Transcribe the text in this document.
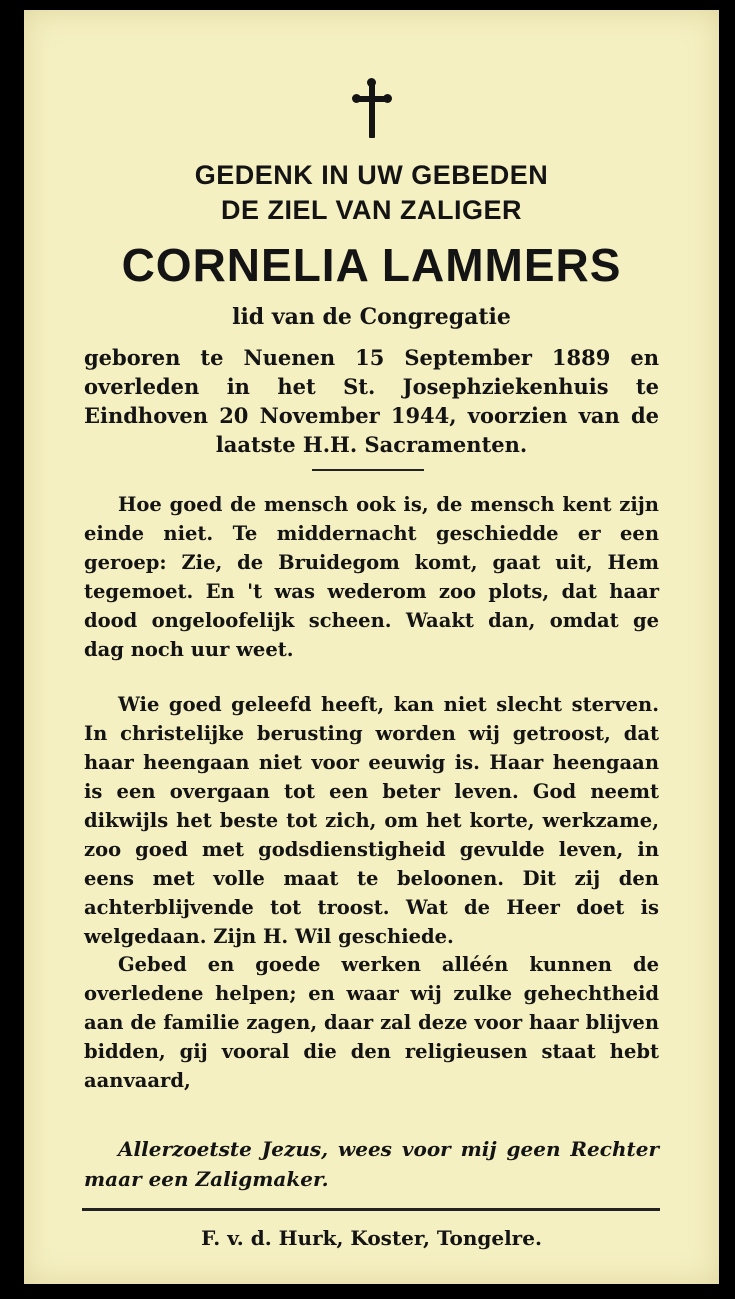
GEDENK IN UW GEBEDEN
DE ZIEL VAN ZALIGER
CORNELIA LAMMERS
lid van de Congregatie
geboren te Nuenen 15 September 1889 en overleden in het St. Josephziekenhuis te Eindhoven 20 November 1944, voorzien van de laatste H.H. Sacramenten.
Hoe goed de mensch ook is, de mensch kent zijn einde niet. Te middernacht geschiedde er een geroep: Zie, de Bruidegom komt, gaat uit, Hem tegemoet. En 't was wederom zoo plots, dat haar dood ongeloofelijk scheen. Waakt dan, omdat ge dag noch uur weet.
Wie goed geleefd heeft, kan niet slecht sterven. In christelijke berusting worden wij getroost, dat haar heengaan niet voor eeuwig is. Haar heengaan is een overgaan tot een beter leven. God neemt dikwijls het beste tot zich, om het korte, werkzame, zoo goed met godsdienstigheid gevulde leven, in eens met volle maat te beloonen. Dit zij den achterblijvende tot troost. Wat de Heer doet is welgedaan. Zijn H. Wil geschiede.
Gebed en goede werken alléén kunnen de overledene helpen; en waar wij zulke gehechtheid aan de familie zagen, daar zal deze voor haar blijven bidden, gij vooral die den religieusen staat hebt aanvaard,
Allerzoetste Jezus, wees voor mij geen Rechter maar een Zaligmaker.
F. v. d. Hurk, Koster, Tongelre.
